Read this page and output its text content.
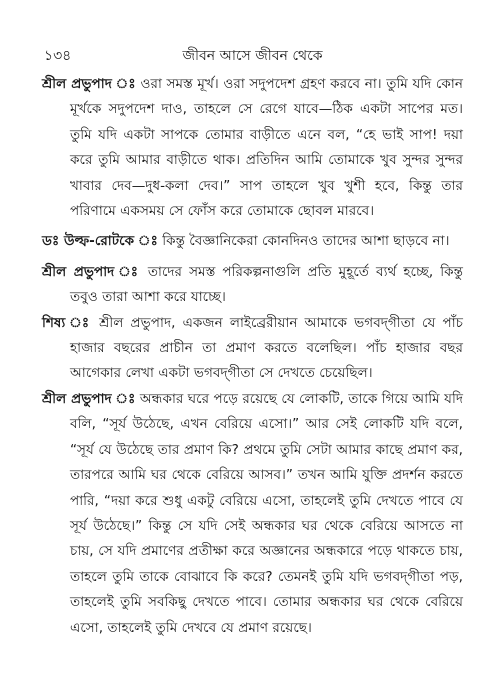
১৩৪	জীবন আসে জীবন থেকে

শ্রীল প্রভুপাদ ঃ ওরা সমস্ত মূর্খ। ওরা সদুপদেশ গ্রহণ করবে না। তুমি যদি কোন মূর্খকে সদুপদেশ দাও, তাহলে সে রেগে যাবে—ঠিক একটা সাপের মত। তুমি যদি একটা সাপকে তোমার বাড়ীতে এনে বল, “হে ভাই সাপ! দয়া করে তুমি আমার বাড়ীতে থাক। প্রতিদিন আমি তোমাকে খুব সুন্দর সুন্দর খাবার দেব—দুধ-কলা দেব।” সাপ তাহলে খুব খুশী হবে, কিন্তু তার পরিণামে একসময় সে ফোঁস করে তোমাকে ছোবল মারবে।

ডঃ উল্ফ-রোটকে ঃ কিন্তু বৈজ্ঞানিকেরা কোনদিনও তাদের আশা ছাড়বে না।

শ্রীল প্রভুপাদ ঃ তাদের সমস্ত পরিকল্পনাগুলি প্রতি মুহূর্তে ব্যর্থ হচ্ছে, কিন্তু তবুও তারা আশা করে যাচ্ছে।

শিষ্য ঃ শ্রীল প্রভুপাদ, একজন লাইব্রেরীয়ান আমাকে ভগবদ্‌গীতা যে পাঁচ হাজার বছরের প্রাচীন তা প্রমাণ করতে বলেছিল। পাঁচ হাজার বছর আগেকার লেখা একটা ভগবদ্‌গীতা সে দেখতে চেয়েছিল।

শ্রীল প্রভুপাদ ঃ অন্ধকার ঘরে পড়ে রয়েছে যে লোকটি, তাকে গিয়ে আমি যদি বলি, “সূর্য উঠেছে, এখন বেরিয়ে এসো।” আর সেই লোকটি যদি বলে, “সূর্য যে উঠেছে তার প্রমাণ কি? প্রথমে তুমি সেটা আমার কাছে প্রমাণ কর, তারপরে আমি ঘর থেকে বেরিয়ে আসব।” তখন আমি যুক্তি প্রদর্শন করতে পারি, “দয়া করে শুধু একটু বেরিয়ে এসো, তাহলেই তুমি দেখতে পাবে যে সূর্য উঠেছে।” কিন্তু সে যদি সেই অন্ধকার ঘর থেকে বেরিয়ে আসতে না চায়, সে যদি প্রমাণের প্রতীক্ষা করে অজ্ঞানের অন্ধকারে পড়ে থাকতে চায়, তাহলে তুমি তাকে বোঝাবে কি করে? তেমনই তুমি যদি ভগবদ্‌গীতা পড়, তাহলেই তুমি সবকিছু দেখতে পাবে। তোমার অন্ধকার ঘর থেকে বেরিয়ে এসো, তাহলেই তুমি দেখবে যে প্রমাণ রয়েছে।
